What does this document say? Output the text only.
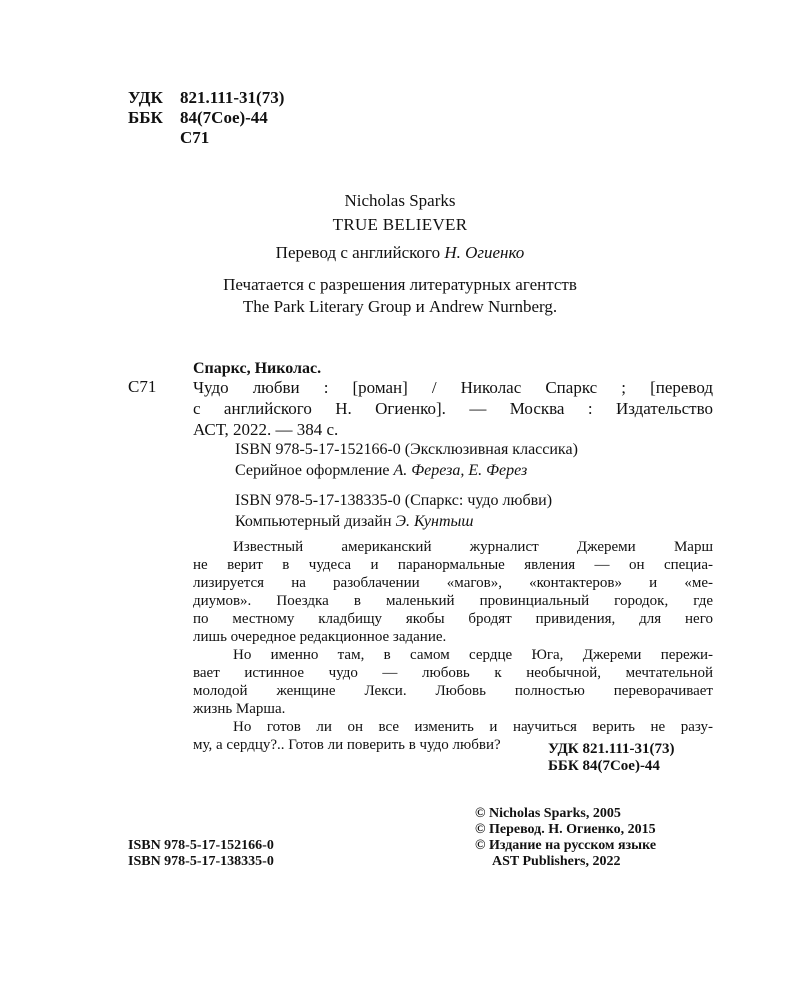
УДК 821.111-31(73)
ББК 84(7Сое)-44
С71
Nicholas Sparks
TRUE BELIEVER
Перевод с английского Н. Огиенко
Печатается с разрешения литературных агентств
The Park Literary Group и Andrew Nurnberg.
Спаркс, Николас.
С71 Чудо любви : [роман] / Николас Спаркс ; [перевод
с английского Н. Огиенко]. — Москва : Издательство
АСТ, 2022. — 384 с.
ISBN 978-5-17-152166-0 (Эксклюзивная классика)
Серийное оформление А. Фереза, Е. Ферез
ISBN 978-5-17-138335-0 (Спаркс: чудо любви)
Компьютерный дизайн Э. Кунтыш
Известный американский журналист Джереми Марш
не верит в чудеса и паранормальные явления — он специа-
лизируется на разоблачении «магов», «контактеров» и «ме-
диумов». Поездка в маленький провинциальный городок, где
по местному кладбищу якобы бродят привидения, для него
лишь очередное редакционное задание.
Но именно там, в самом сердце Юга, Джереми пережи-
вает истинное чудо — любовь к необычной, мечтательной
молодой женщине Лекси. Любовь полностью переворачивает
жизнь Марша.
Но готов ли он все изменить и научиться верить не разу-
му, а сердцу?.. Готов ли поверить в чудо любви?	УДК 821.111-31(73)
ББК 84(7Сое)-44
© Nicholas Sparks, 2005
© Перевод. Н. Огиенко, 2015
© Издание на русском языке
AST Publishers, 2022
ISBN 978-5-17-152166-0
ISBN 978-5-17-138335-0
